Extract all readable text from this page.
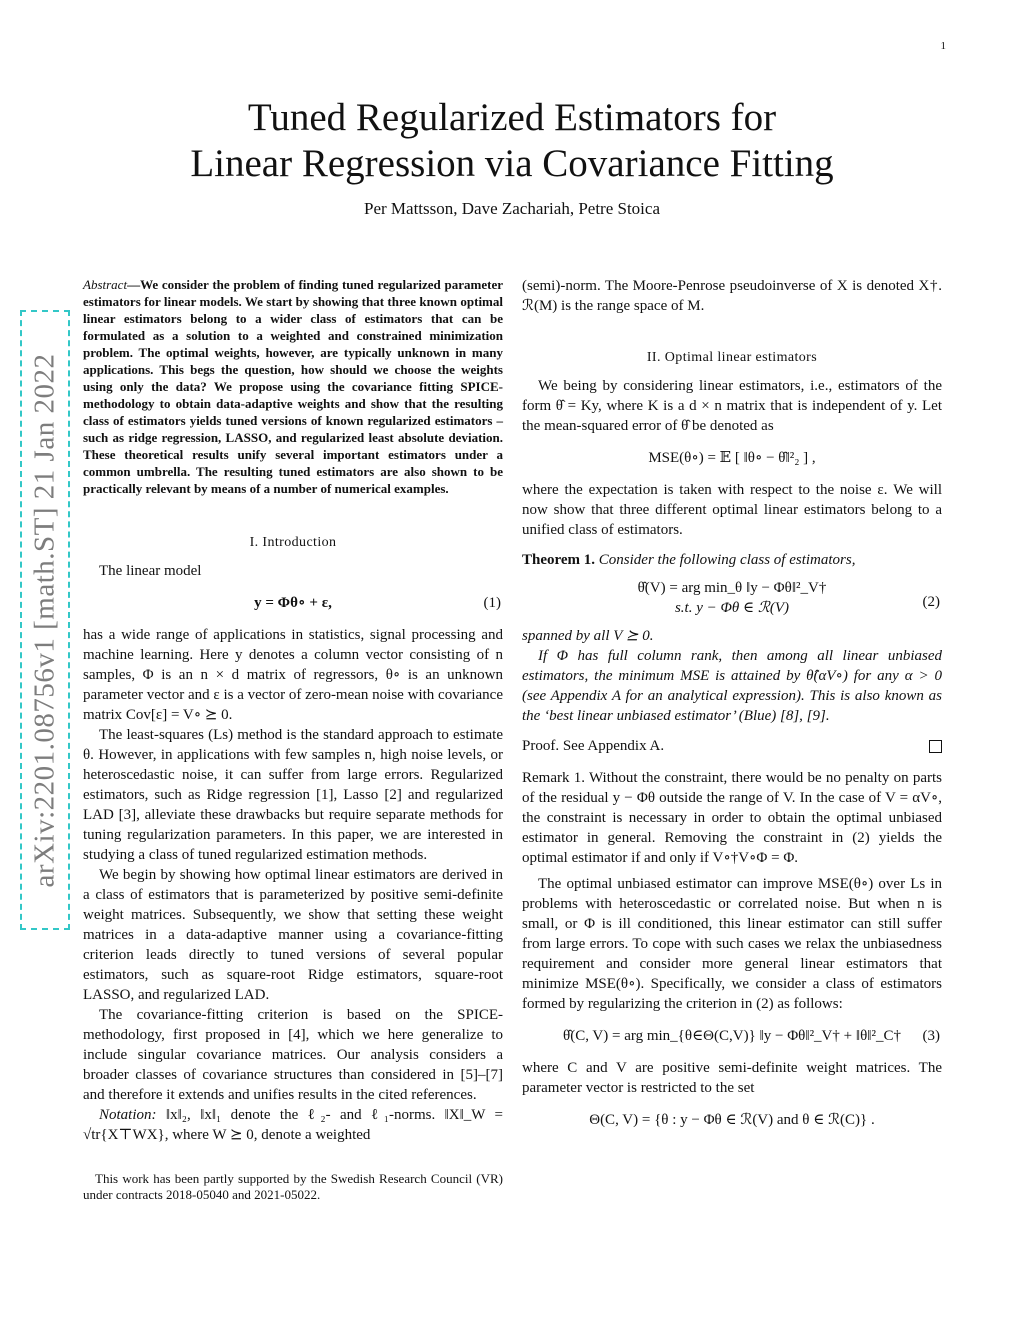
1
arXiv:2201.08756v1 [math.ST] 21 Jan 2022
Tuned Regularized Estimators for
Linear Regression via Covariance Fitting
Per Mattsson, Dave Zachariah, Petre Stoica

Abstract—We consider the problem of finding tuned regularized parameter estimators for linear models. We start by showing that three known optimal linear estimators belong to a wider class of estimators that can be formulated as a solution to a weighted and constrained minimization problem. The optimal weights, however, are typically unknown in many applications. This begs the question, how should we choose the weights using only the data? We propose using the covariance fitting SPICE-methodology to obtain data-adaptive weights and show that the resulting class of estimators yields tuned versions of known regularized estimators – such as ridge regression, LASSO, and regularized least absolute deviation. These theoretical results unify several important estimators under a common umbrella. The resulting tuned estimators are also shown to be practically relevant by means of a number of numerical examples.

I. Introduction

The linear model

y = Φθ∘ + ε,	(1)

has a wide range of applications in statistics, signal processing and machine learning. Here y denotes a column vector consisting of n samples, Φ is an n × d matrix of regressors, θ∘ is an unknown parameter vector and ε is a vector of zero-mean noise with covariance matrix Cov[ε] = V∘ ⪰ 0.

The least-squares (Ls) method is the standard approach to estimate θ. However, in applications with few samples n, high noise levels, or heteroscedastic noise, it can suffer from large errors. Regularized estimators, such as Ridge regression [1], Lasso [2] and regularized LAD [3], alleviate these drawbacks but require separate methods for tuning regularization parameters. In this paper, we are interested in studying a class of tuned regularized estimation methods.

We begin by showing how optimal linear estimators are derived in a class of estimators that is parameterized by positive semi-definite weight matrices. Subsequently, we show that setting these weight matrices in a data-adaptive manner using a covariance-fitting criterion leads directly to tuned versions of several popular estimators, such as square-root Ridge estimators, square-root LASSO, and regularized LAD.

The covariance-fitting criterion is based on the SPICE-methodology, first proposed in [4], which we here generalize to include singular covariance matrices. Our analysis considers a broader classes of covariance structures than considered in [5]–[7] and therefore it extends and unifies results in the cited references.

Notation: ‖x‖₂, ‖x‖₁ denote the ℓ₂- and ℓ₁-norms. ‖X‖_W = √tr{X⊤WX}, where W ⪰ 0, denote a weighted

This work has been partly supported by the Swedish Research Council (VR) under contracts 2018-05040 and 2021-05022.

(semi)-norm. The Moore-Penrose pseudoinverse of X is denoted X†. ℛ(M) is the range space of M.

II. Optimal linear estimators

We being by considering linear estimators, i.e., estimators of the form θ̂ = Ky, where K is a d × n matrix that is independent of y. Let the mean-squared error of θ̂ be denoted as

MSE(θ∘) = 𝔼 [ ‖θ∘ − θ̂‖²₂ ] ,

where the expectation is taken with respect to the noise ε. We will now show that three different optimal linear estimators belong to a unified class of estimators.

Theorem 1. Consider the following class of estimators,

θ̂(V) = arg min_θ ‖y − Φθ‖²_V†
s.t. y − Φθ ∈ ℛ(V)	(2)

spanned by all V ⪰ 0.

If Φ has full column rank, then among all linear unbiased estimators, the minimum MSE is attained by θ̂(αV∘) for any α > 0 (see Appendix A for an analytical expression). This is also known as the ‘best linear unbiased estimator’ (Blue) [8], [9].

Proof. See Appendix A.

Remark 1. Without the constraint, there would be no penalty on parts of the residual y − Φθ outside the range of V. In the case of V = αV∘, the constraint is necessary in order to obtain the optimal unbiased estimator in general. Removing the constraint in (2) yields the optimal estimator if and only if V∘†V∘Φ = Φ.

The optimal unbiased estimator can improve MSE(θ∘) over Ls in problems with heteroscedastic or correlated noise. But when n is small, or Φ is ill conditioned, this linear estimator can still suffer from large errors. To cope with such cases we relax the unbiasedness requirement and consider more general linear estimators that minimize MSE(θ∘). Specifically, we consider a class of estimators formed by regularizing the criterion in (2) as follows:

θ̂(C, V) = arg min_{θ∈Θ(C,V)} ‖y − Φθ‖²_V† + ‖θ‖²_C† (3)

where C and V are positive semi-definite weight matrices. The parameter vector is restricted to the set

Θ(C, V) = {θ : y − Φθ ∈ ℛ(V) and θ ∈ ℛ(C)} .
